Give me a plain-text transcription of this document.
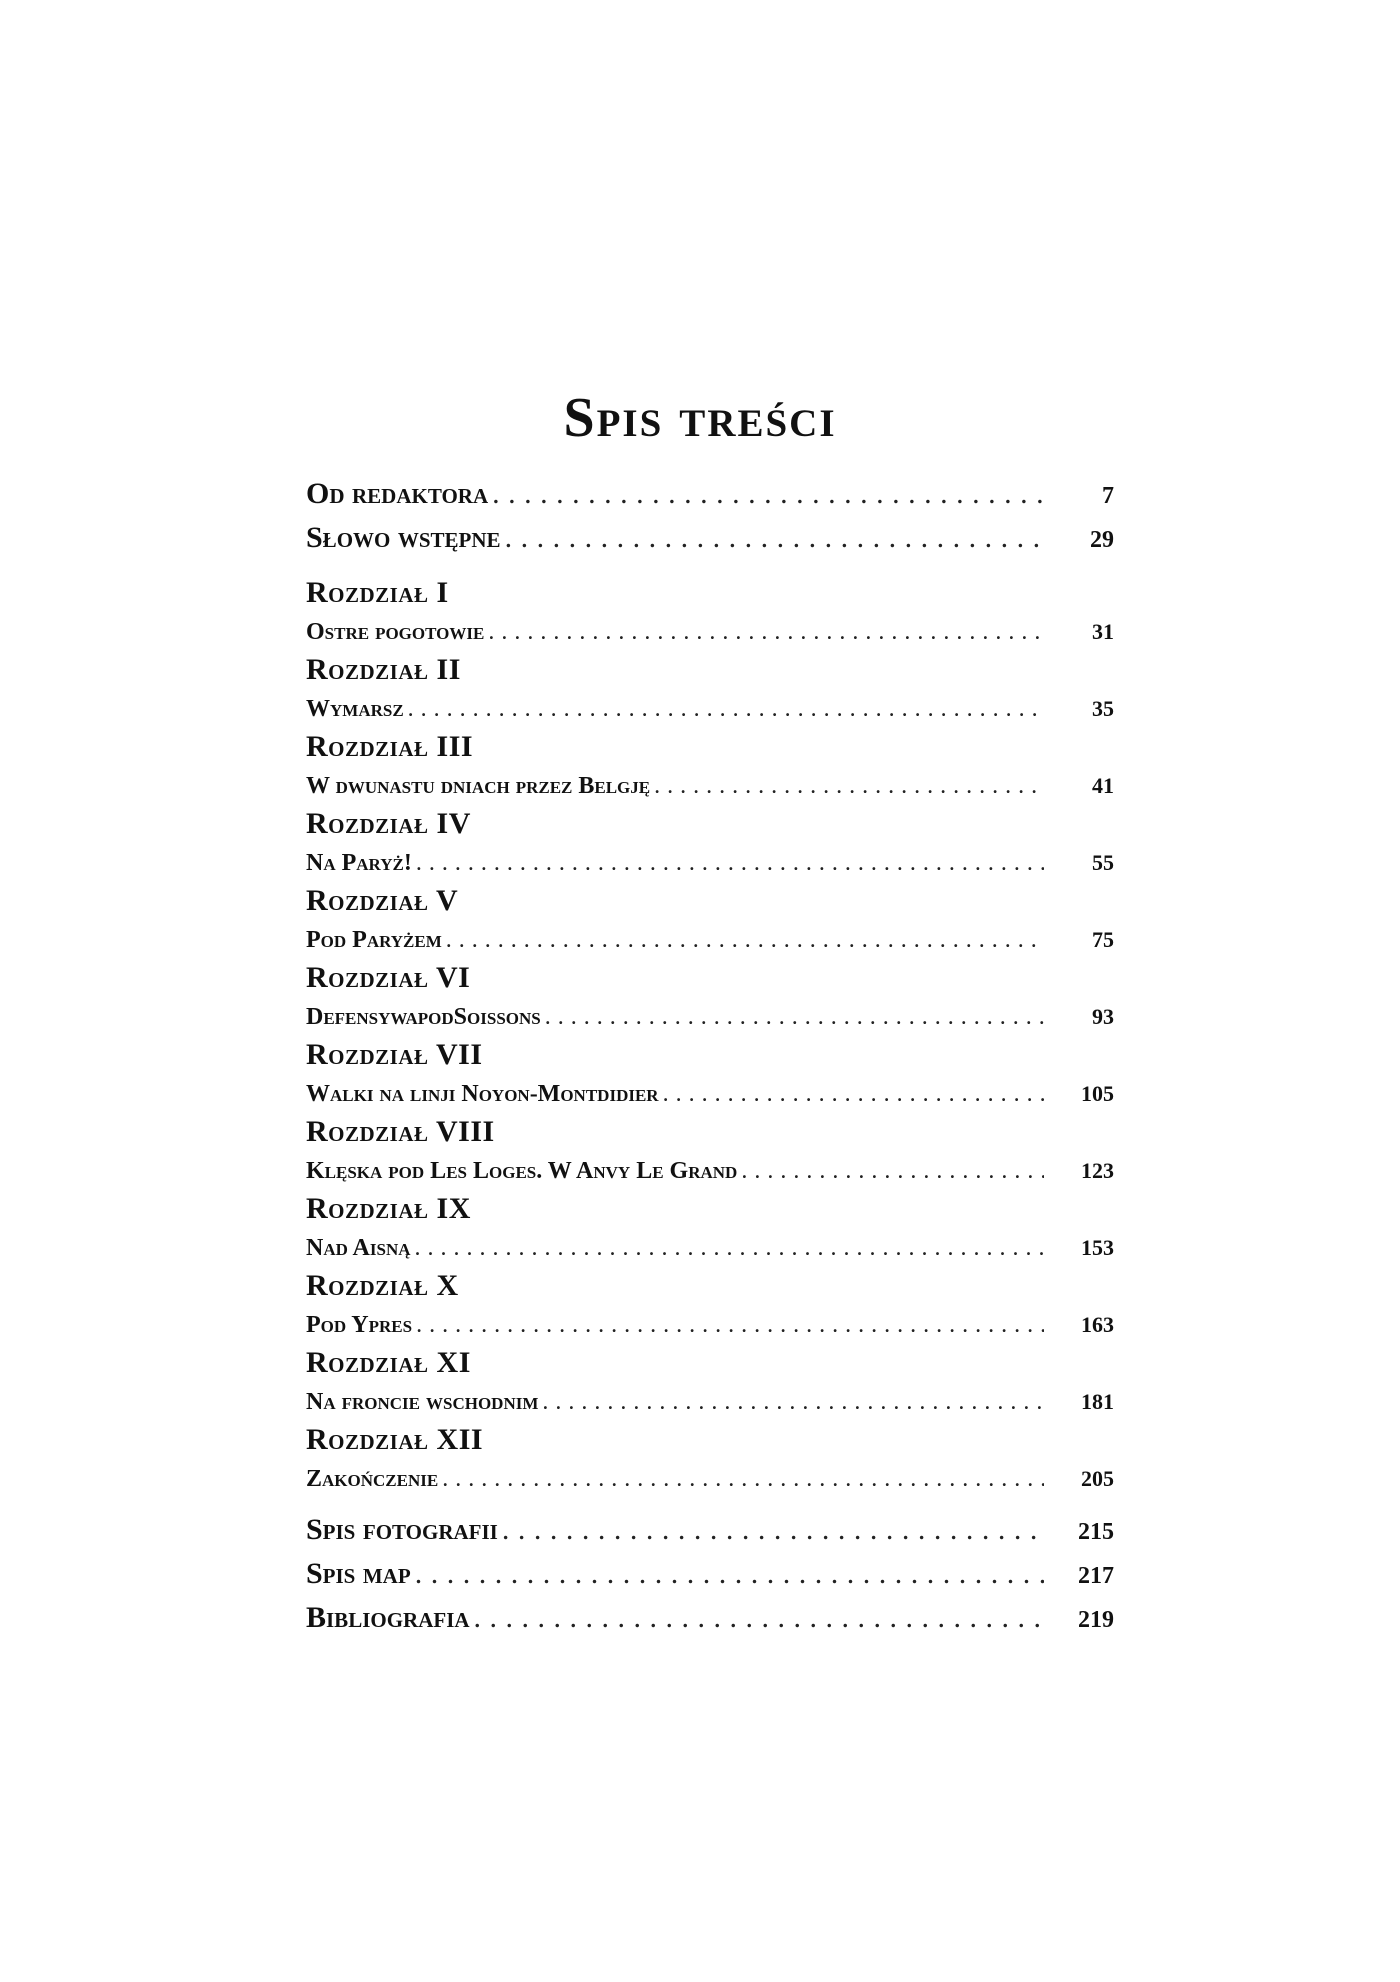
Spis treści
Od redaktora . . .	7
Słowo wstępne . . .	29
Rozdział I
Ostre pogotowie . . .	31
Rozdział II
Wymarsz . . .	35
Rozdział III
W dwunastu dniach przez Belgję . . .	41
Rozdział IV
Na Paryż! . . .	55
Rozdział V
Pod Paryżem . . .	75
Rozdział VI
DefensywapodSoissons . . .	93
Rozdział VII
Walki na linji Noyon-Montdidier . . .	105
Rozdział VIII
Klęska pod Les Loges. W Anvy Le Grand . . .	123
Rozdział IX
Nad Aisną . . .	153
Rozdział X
Pod Ypres . . .	163
Rozdział XI
Na froncie wschodnim . . .	181
Rozdział XII
Zakończenie . . .	205
Spis fotografii . . .	215
Spis map . . .	217
Bibliografia . . .	219
